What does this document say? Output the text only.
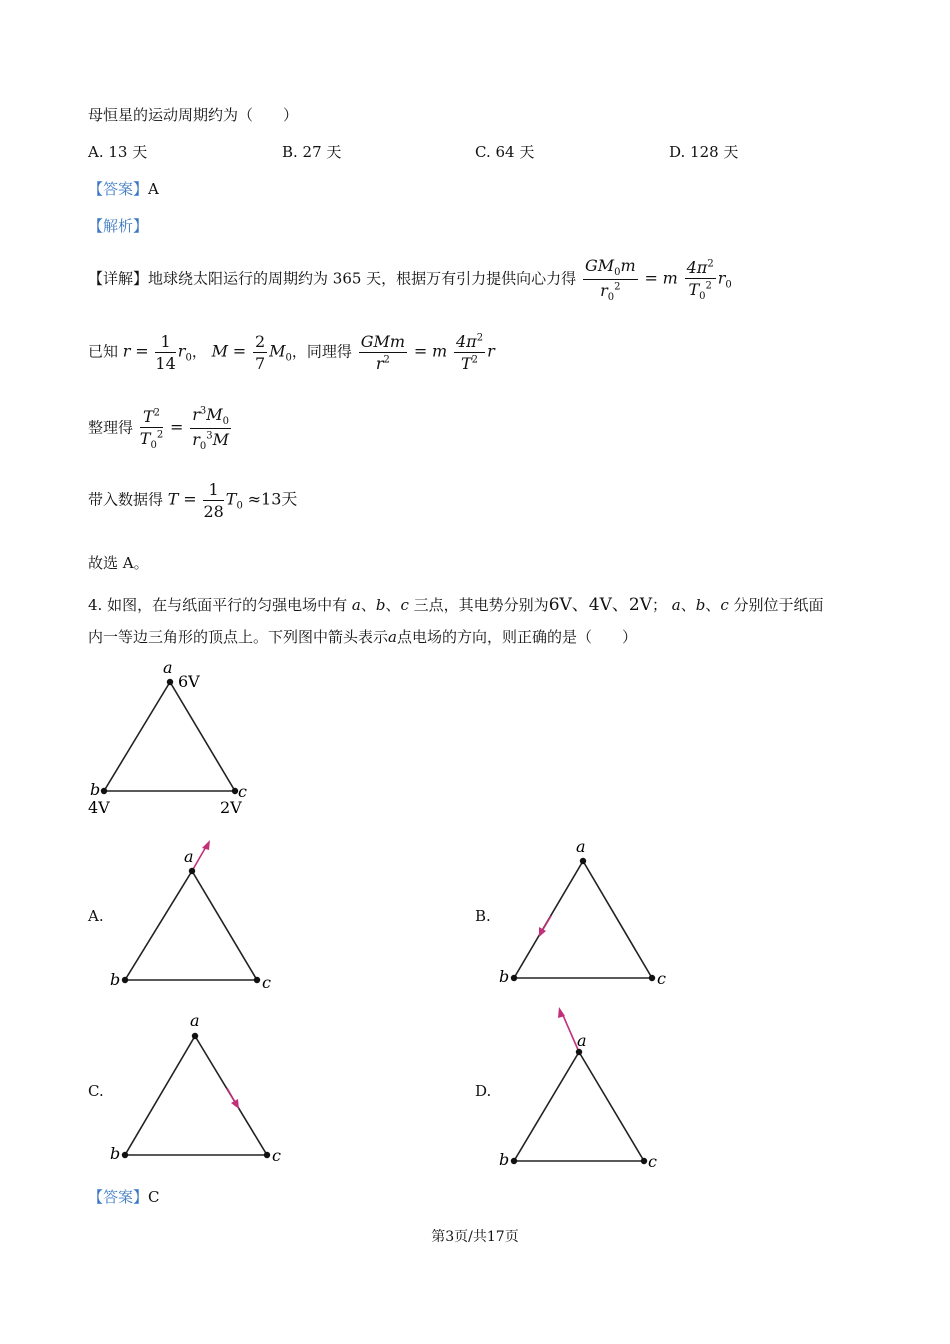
母恒星的运动周期约为（　　）
A. 13 天	B. 27 天	C. 64 天	D. 128 天
【答案】A
【解析】
【详解】地球绕太阳运行的周期约为 365 天，根据万有引力提供向心力得 $\frac{GM_0m}{r_0^2} = m \frac{4\pi^2}{T_0^2} r_0$
已知 $r = \frac{1}{14} r_0$， $M = \frac{2}{7} M_0$，同理得 $\frac{\text{GMm}}{r^2} = m \frac{4\pi^2}{T^2}$ r
整理得 $\frac{T^2}{T_0^2} = \frac{r^3M_0}{r_0^3M}$
带入数据得 $T = \frac{1}{28} T_0 \approx 13$天
故选 A。
4. 如图，在与纸面平行的匀强电场中有 a、b、c 三点，其电势分别为6V、4V、2V； a、b、c 分别位于纸面
内一等边三角形的顶点上。下列图中箭头表示a点电场的方向，则正确的是（　　）
a
6V
b
4V
c
2V
A.
a
b	c
B.
a
b	c
C.
a
b	c
D.
a
b	c
【答案】C
第3页/共17页
